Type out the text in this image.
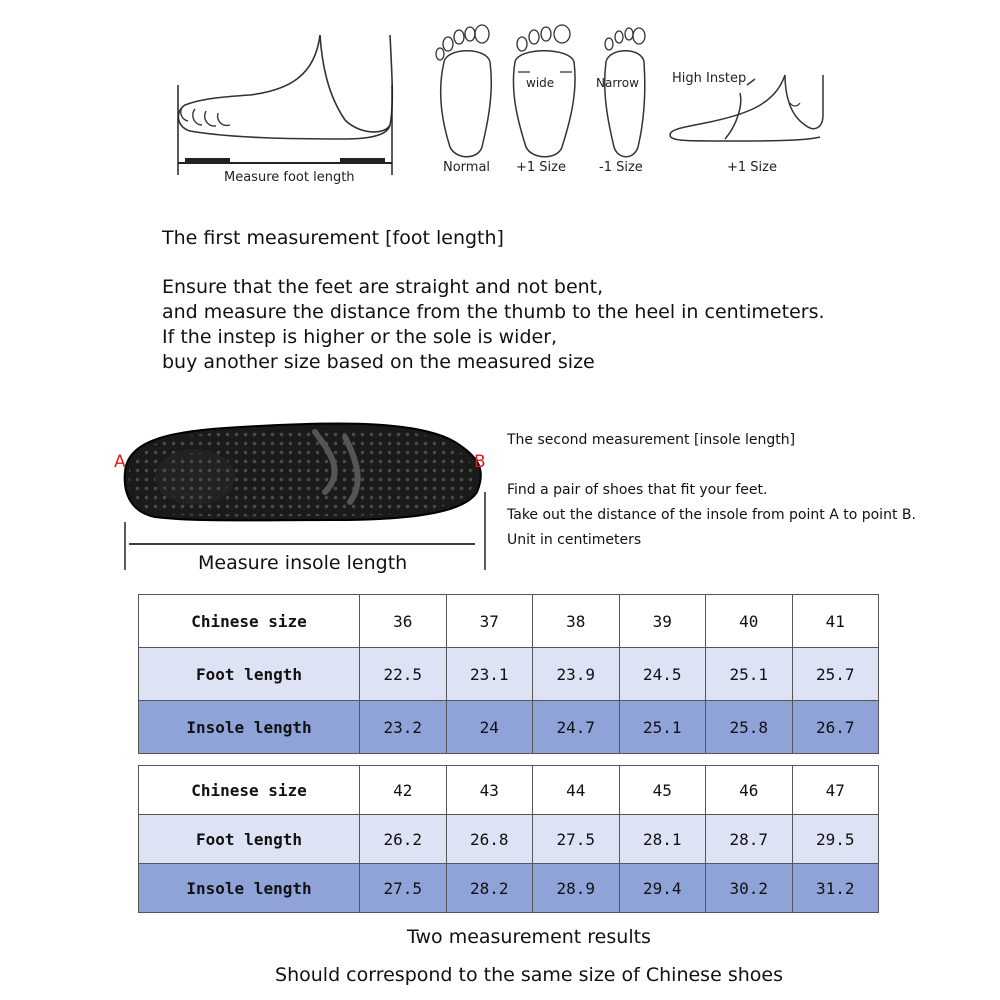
Measure foot length
Normal
wide
+1 Size
Narrow
-1 Size
High Instep
+1 Size
The first measurement [foot length]
Ensure that the feet are straight and not bent,
and measure the distance from the thumb to the heel in centimeters.
If the instep is higher or the sole is wider,
buy another size based on the measured size
A	B
Measure insole length
The second measurement [insole length]
Find a pair of shoes that fit your feet.
Take out the distance of the insole from point A to point B.
Unit in centimeters
Chinese size	36	37	38	39	40	41
Foot length	22.5	23.1	23.9	24.5	25.1	25.7
Insole length	23.2	24	24.7	25.1	25.8	26.7
Chinese size	42	43	44	45	46	47
Foot length	26.2	26.8	27.5	28.1	28.7	29.5
Insole length	27.5	28.2	28.9	29.4	30.2	31.2
Two measurement results
Should correspond to the same size of Chinese shoes
